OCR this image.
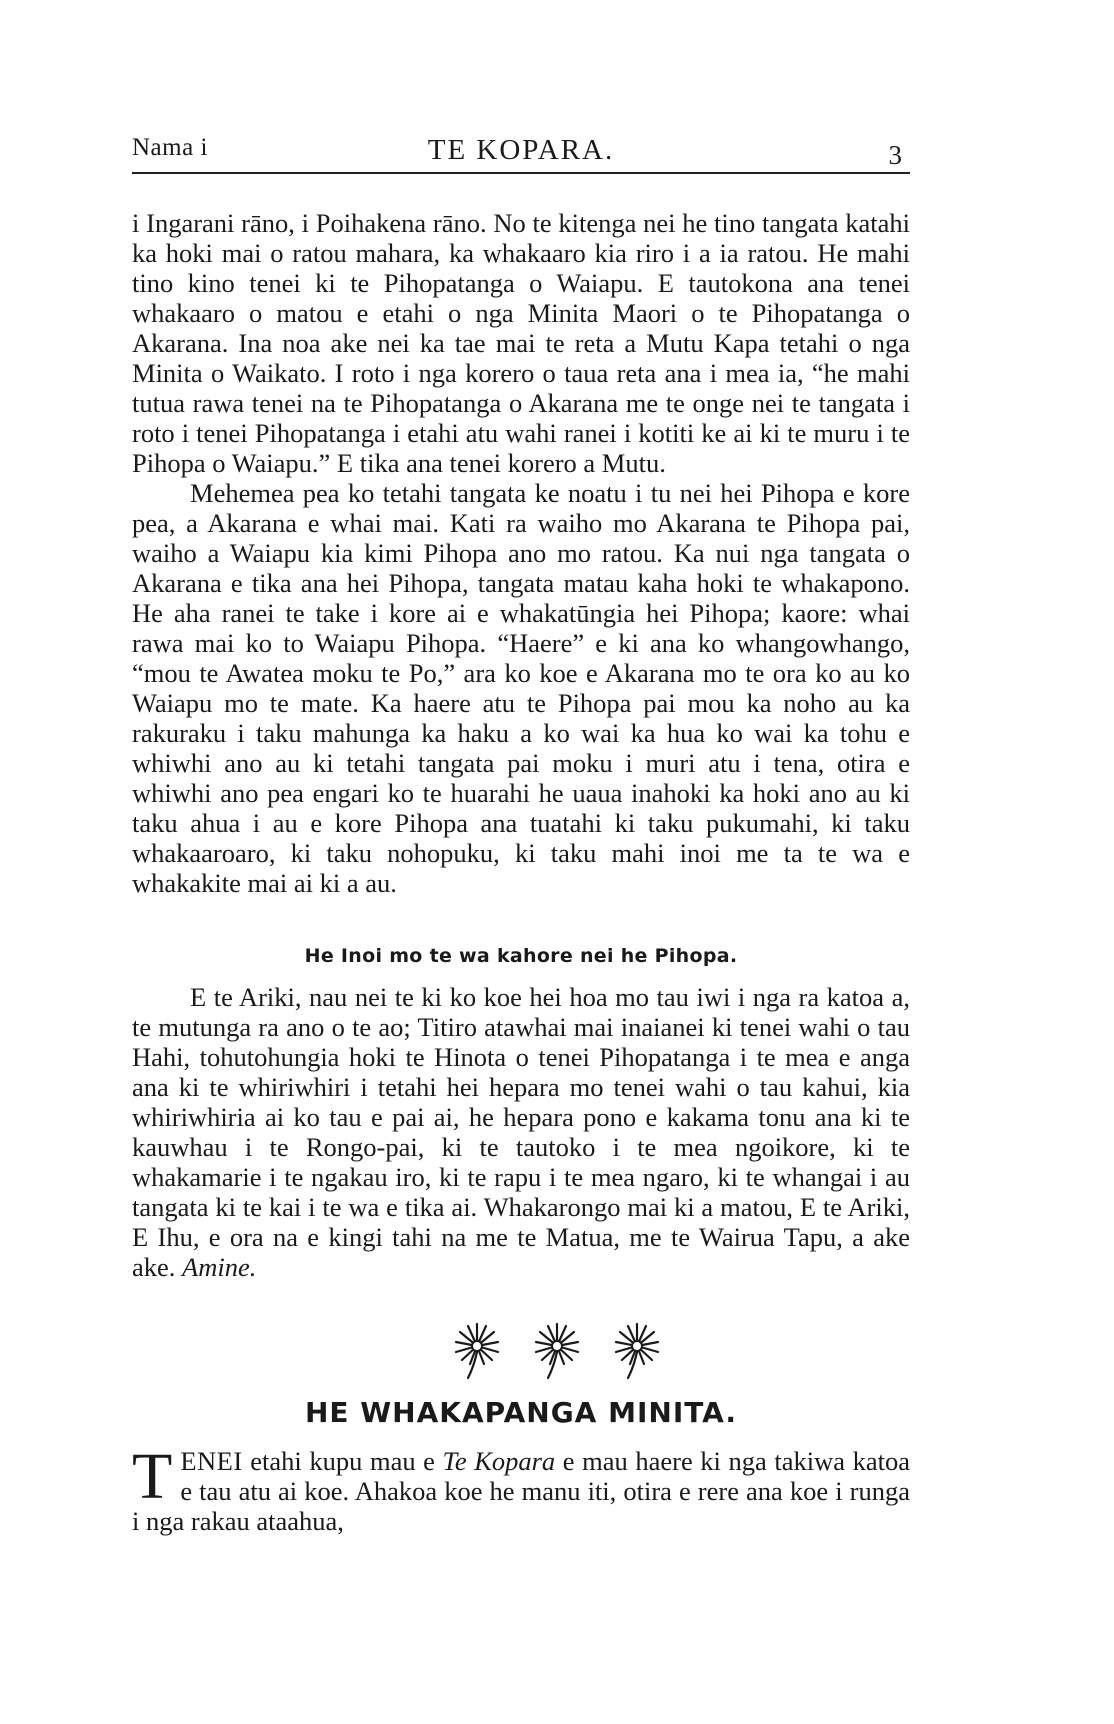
Nama i	TE KOPARA.	3

i Ingarani rāno, i Poihakena rāno. No te kitenga nei he tino tangata katahi ka hoki mai o ratou mahara, ka whakaaro kia riro i a ia ratou. He mahi tino kino tenei ki te Pihopatanga o Waiapu. E tautokona ana tenei whakaaro o matou e etahi o nga Minita Maori o te Pihopatanga o Akarana. Ina noa ake nei ka tae mai te reta a Mutu Kapa tetahi o nga Minita o Waikato. I roto i nga korero o taua reta ana i mea ia, “he mahi tutua rawa tenei na te Pihopatanga o Akarana me te onge nei te tangata i roto i tenei Pihopatanga i etahi atu wahi ranei i kotiti ke ai ki te muru i te Pihopa o Waiapu.” E tika ana tenei korero a Mutu.

Mehemea pea ko tetahi tangata ke noatu i tu nei hei Pihopa e kore pea, a Akarana e whai mai. Kati ra waiho mo Akarana te Pihopa pai, waiho a Waiapu kia kimi Pihopa ano mo ratou. Ka nui nga tangata o Akarana e tika ana hei Pihopa, tangata matau kaha hoki te whakapono. He aha ranei te take i kore ai e whakatūngia hei Pihopa; kaore: whai rawa mai ko to Waiapu Pihopa. “Haere” e ki ana ko whangowhango, “mou te Awatea moku te Po,” ara ko koe e Akarana mo te ora ko au ko Waiapu mo te mate. Ka haere atu te Pihopa pai mou ka noho au ka rakuraku i taku mahunga ka haku a ko wai ka hua ko wai ka tohu e whiwhi ano au ki tetahi tangata pai moku i muri atu i tena, otira e whiwhi ano pea engari ko te huarahi he uaua inahoki ka hoki ano au ki taku ahua i au e kore Pihopa ana tuatahi ki taku pukumahi, ki taku whakaaroaro, ki taku nohopuku, ki taku mahi inoi me ta te wa e whakakite mai ai ki a au.

He Inoi mo te wa kahore nei he Pihopa.

E te Ariki, nau nei te ki ko koe hei hoa mo tau iwi i nga ra katoa a, te mutunga ra ano o te ao; Titiro atawhai mai inaianei ki tenei wahi o tau Hahi, tohutohungia hoki te Hinota o tenei Pihopatanga i te mea e anga ana ki te whiriwhiri i tetahi hei hepara mo tenei wahi o tau kahui, kia whiriwhiria ai ko tau e pai ai, he hepara pono e kakama tonu ana ki te kauwhau i te Rongo-pai, ki te tautoko i te mea ngoikore, ki te whakamarie i te ngakau iro, ki te rapu i te mea ngaro, ki te whangai i au tangata ki te kai i te wa e tika ai. Whakarongo mai ki a matou, E te Ariki, E Ihu, e ora na e kingi tahi na me te Matua, me te Wairua Tapu, a ake ake. Amine.

HE WHAKAPANGA MINITA.

TENEI etahi kupu mau e Te Kopara e mau haere ki nga takiwa katoa e tau atu ai koe. Ahakoa koe he manu iti, otira e rere ana koe i runga i nga rakau ataahua,
